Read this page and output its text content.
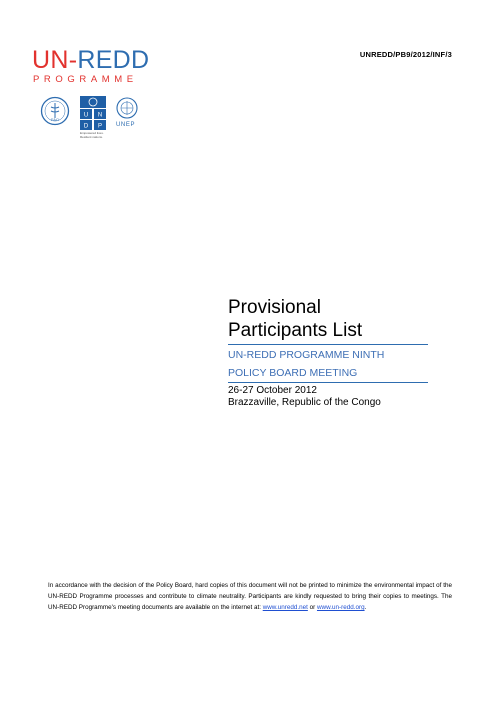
UNREDD/PB9/2012/INF/3
UN-REDD
PROGRAMME
FAO
U N
D P
Empowered lives. Resilient nations.
UNEP
Provisional
Participants List
UN-REDD PROGRAMME NINTH
POLICY BOARD MEETING
26-27 October 2012
Brazzaville, Republic of the Congo
In accordance with the decision of the Policy Board, hard copies of this document will not be printed to minimize the environmental impact of the UN-REDD Programme processes and contribute to climate neutrality. Participants are kindly requested to bring their copies to meetings. The UN-REDD Programme's meeting documents are available on the internet at: www.unredd.net or www.un-redd.org.
